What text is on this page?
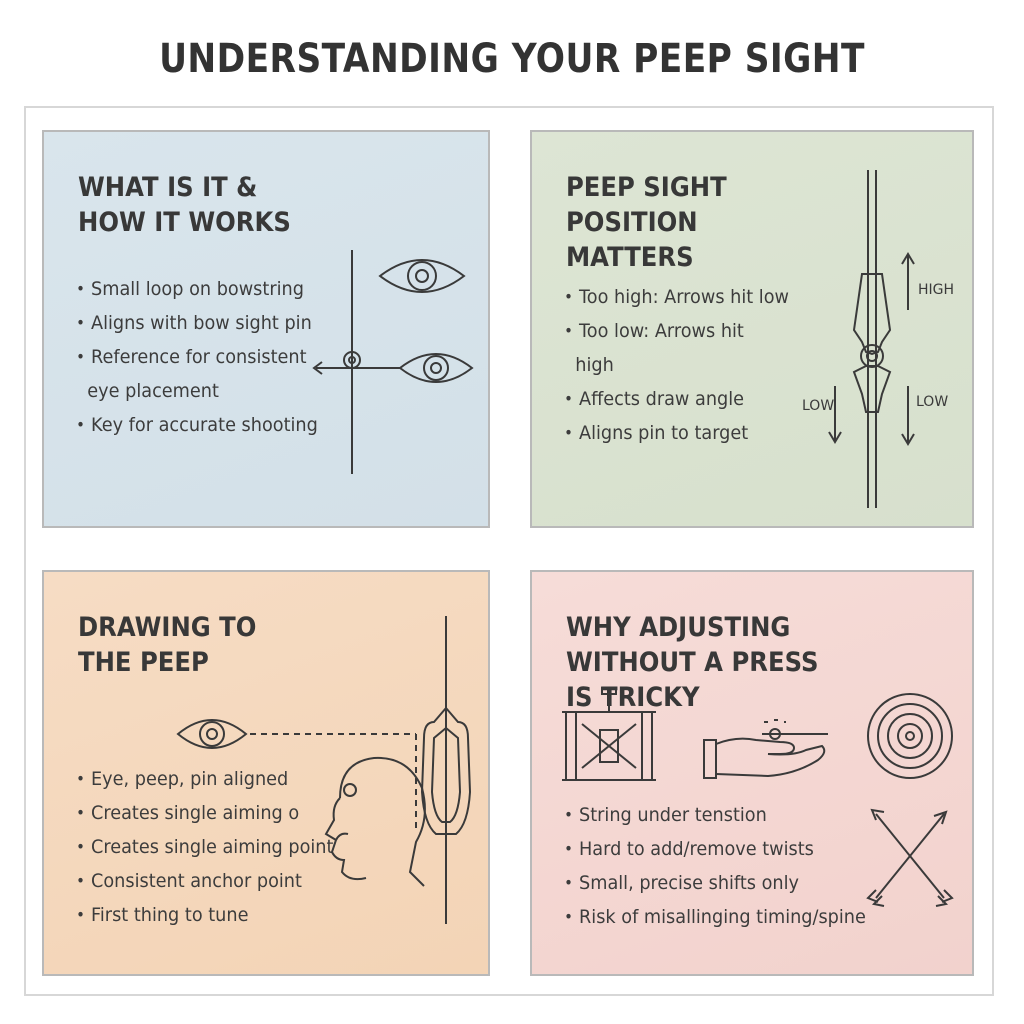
UNDERSTANDING YOUR PEEP SIGHT
WHAT IS IT & HOW IT WORKS
• Small loop on bowstring
• Aligns with bow sight pin
• Reference for consistent
eye placement
• Key for accurate shooting
PEEP SIGHT POSITION MATTERS
• Too high: Arrows hit low
• Too low: Arrows hit
high
• Affects draw angle
• Aligns pin to target
HIGH
LOW	LOW
DRAWING TO THE PEEP
• Eye, peep, pin aligned
• Creates single aiming o
• Creates single aiming point
• Consistent anchor point
• First thing to tune
WHY ADJUSTING WITHOUT A PRESS IS TRICKY
• String under tenstion
• Hard to add/remove twists
• Small, precise shifts only
• Risk of misallinging timing/spine
